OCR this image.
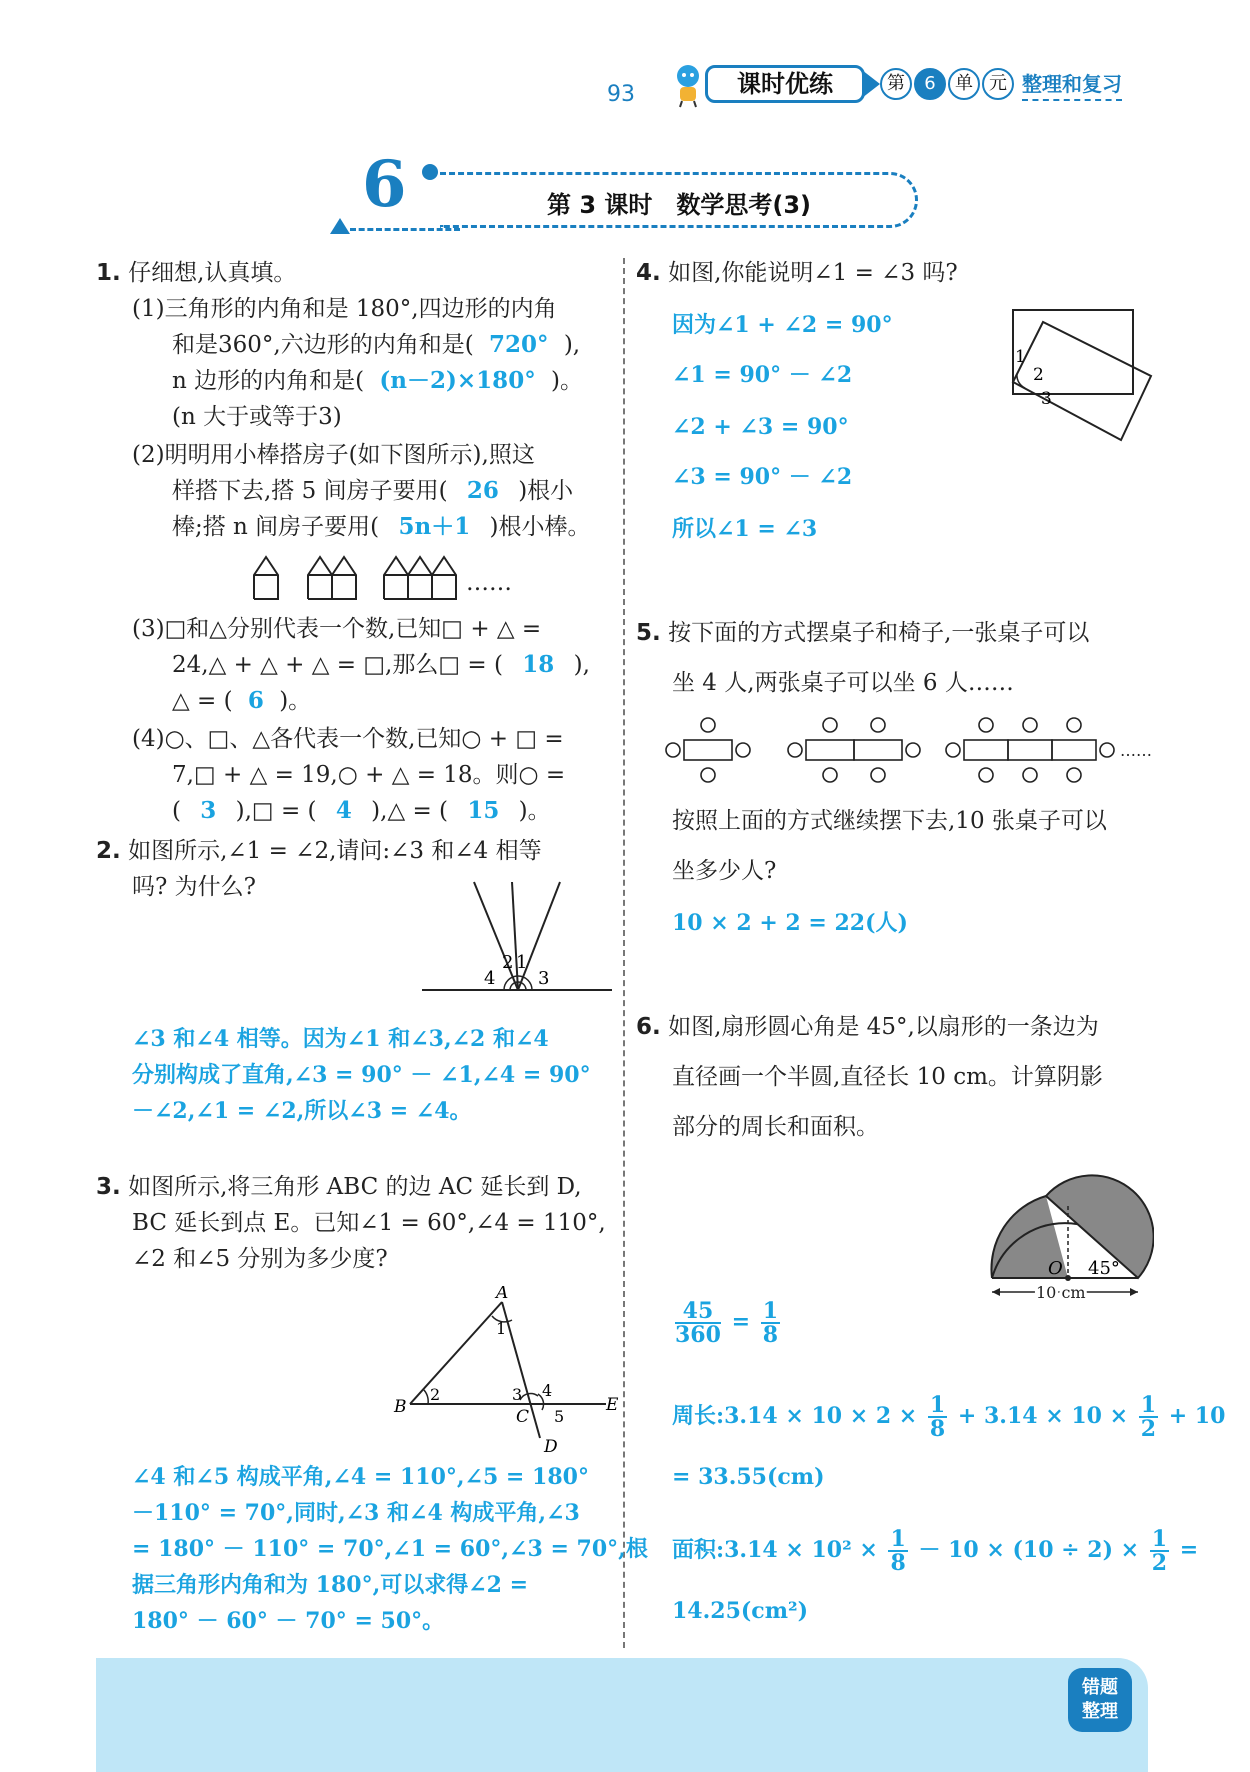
93	课时优练	第	6	单 元 整理和复习
6	第 3 课时　数学思考(3)
1. 仔细想,认真填。
(1)三角形的内角和是 180°,四边形的内角
和是360°,六边形的内角和是( 720° ),
n 边形的内角和是( (n－2)×180° )。
(n 大于或等于3)
(2)明明用小棒搭房子(如下图所示),照这
样搭下去,搭 5 间房子要用( 26 )根小
棒;搭 n 间房子要用( 5n＋1 )根小棒。
……
(3)□和△分别代表一个数,已知□ + △ =
24,△ + △ + △ = □,那么□ = ( 18 ),
△ = ( 6 )。
(4)○、□、△各代表一个数,已知○ + □ =
7,□ + △ = 19,○ + △ = 18。则○ =
( 3 ),□ = ( 4 ),△ = ( 15 )。
2. 如图所示,∠1 = ∠2,请问:∠3 和∠4 相等
吗? 为什么?
2 1
4 3
∠3 和∠4 相等。因为∠1 和∠3,∠2 和∠4
分别构成了直角,∠3 = 90° － ∠1,∠4 = 90°
－∠2,∠1 = ∠2,所以∠3 = ∠4。
3. 如图所示,将三角形 ABC 的边 AC 延长到 D,
BC 延长到点 E。已知∠1 = 60°,∠4 = 110°,
∠2 和∠5 分别为多少度?
A
B	C
D
E
1
2	3 4
5
∠4 和∠5 构成平角,∠4 = 110°,∠5 = 180°
－110° = 70°,同时,∠3 和∠4 构成平角,∠3
= 180° － 110° = 70°,∠1 = 60°,∠3 = 70°,根
据三角形内角和为 180°,可以求得∠2 =
180° － 60° － 70° = 50°。
4. 如图,你能说明∠1 = ∠3 吗?
因为∠1 + ∠2 = 90°
∠1 = 90° － ∠2
∠2 + ∠3 = 90°
∠3 = 90° － ∠2
所以∠1 = ∠3
1
2
3
5. 按下面的方式摆桌子和椅子,一张桌子可以
坐 4 人,两张桌子可以坐 6 人……
……
按照上面的方式继续摆下去,10 张桌子可以
坐多少人?
10 × 2 + 2 = 22(人)
6. 如图,扇形圆心角是 45°,以扇形的一条边为
直径画一个半圆,直径长 10 cm。计算阴影
部分的周长和面积。
O 45°
10 cm
$\frac{45}{360} = \frac{1}{8}$
周长:3.14 × $10 \times 2 \times \frac{1}{8} + 3.14 \times 10 \times \frac{1}{2} + 10$
= 33.55(cm)
面积:3.14 × $10^2 \times \frac{1}{8} - 10 \times (10 \div 2) \times \frac{1}{2}$ =
14.25(cm²)
错题
整理
